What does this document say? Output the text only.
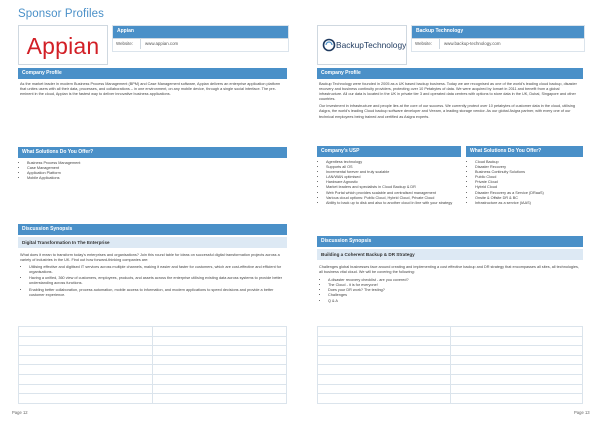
Sponsor Profiles
Appian
Appian
Website:	www.appian.com
Company Profile

As the market leader in modern Business Process Management (BPM) and Case Management software, Appian delivers an enterprise application platform that unites users with all their data, processes, and collaborations – in one environment, on any mobile device, through a single social interface. The pre-eminent in the cloud, Appian is the fastest way to deliver innovative business applications.

What Solutions Do You Offer?
• Business Process Management
• Case Management
• Application Platform
• Mobile Applications
Discussion Synopsis
Digital Transformation In The Enterprise

What does it mean to transform today's enterprises and organisations? Join this round table for ideas on successful digital transformation projects across a variety of industries in the UK. Find out how forward-thinking companies are:

• Utilising effective and digitised IT services across multiple channels, making it easier and faster for customers, which are cost-effective and efficient for organisations.
• Having a unified, 360 view of customers, employees, products, and assets across the enterprise utilising existing data across systems to provide better understanding across functions.
• Enabling better collaboration, process automation, mobile access to information, and modern applications to speed decisions and provide a better customer experience.

Page 12
BackupTechnology
Backup Technology
Website:	www.backup-technology.com
Company Profile

Backup Technology were founded in 2005 as a UK based backup business. Today we are recognised as one of the world's leading cloud backup, disaster recovery and business continuity providers, protecting over 10 Petabytes of data. We were acquired by Iomart in 2011 and benefit from a global infrastructure. All our data is located in the UK in private tier 3 and operated data centres with options to store data in the UK, Dubai, Singapore and other countries.

Our investment in infrastructure and people lies at the core of our success. We currently protect over 10 petabytes of customer data in the cloud, utilising Asigra, the world's leading Cloud backup software developer and Veeam, a leading storage vendor. As our global Asigra partner, with every one of our technical employees being trained and certified as Asigra experts.

Company's USP
• Agentless technology
• Supports all OS
• Incremental forever and truly scalable
• LAN/WAN optimised
• Hardware Agnostic
• Market leaders and specialists in Cloud Backup & DR
• Web Portal which provides scalable and centralised management
• Various cloud options: Public Cloud, Hybrid Cloud, Private Cloud
• Ability to back up to disk and also to another cloud in line with your strategy
What Solutions Do You Offer?
• Cloud Backup
• Disaster Recovery
• Business Continuity Solutions
• Public Cloud
• Private Cloud
• Hybrid Cloud
• Disaster Recovery as a Service (DRaaS)
• Onsite & Offsite DR & BC
• Infrastructure as a service (IAAS)
Discussion Synopsis
Building a Coherent Backup & DR Strategy

Challenges global businesses face around creating and implementing a cost effective backup and DR strategy that encompasses all sites, all technologies, all business vital cloud. We will be covering the following:

• A disaster recovery checklist - are you covered?
• The Cloud - it is for everyone!
• Does your DR work? The testing?
• Challenges
• Q & A

Page 13
